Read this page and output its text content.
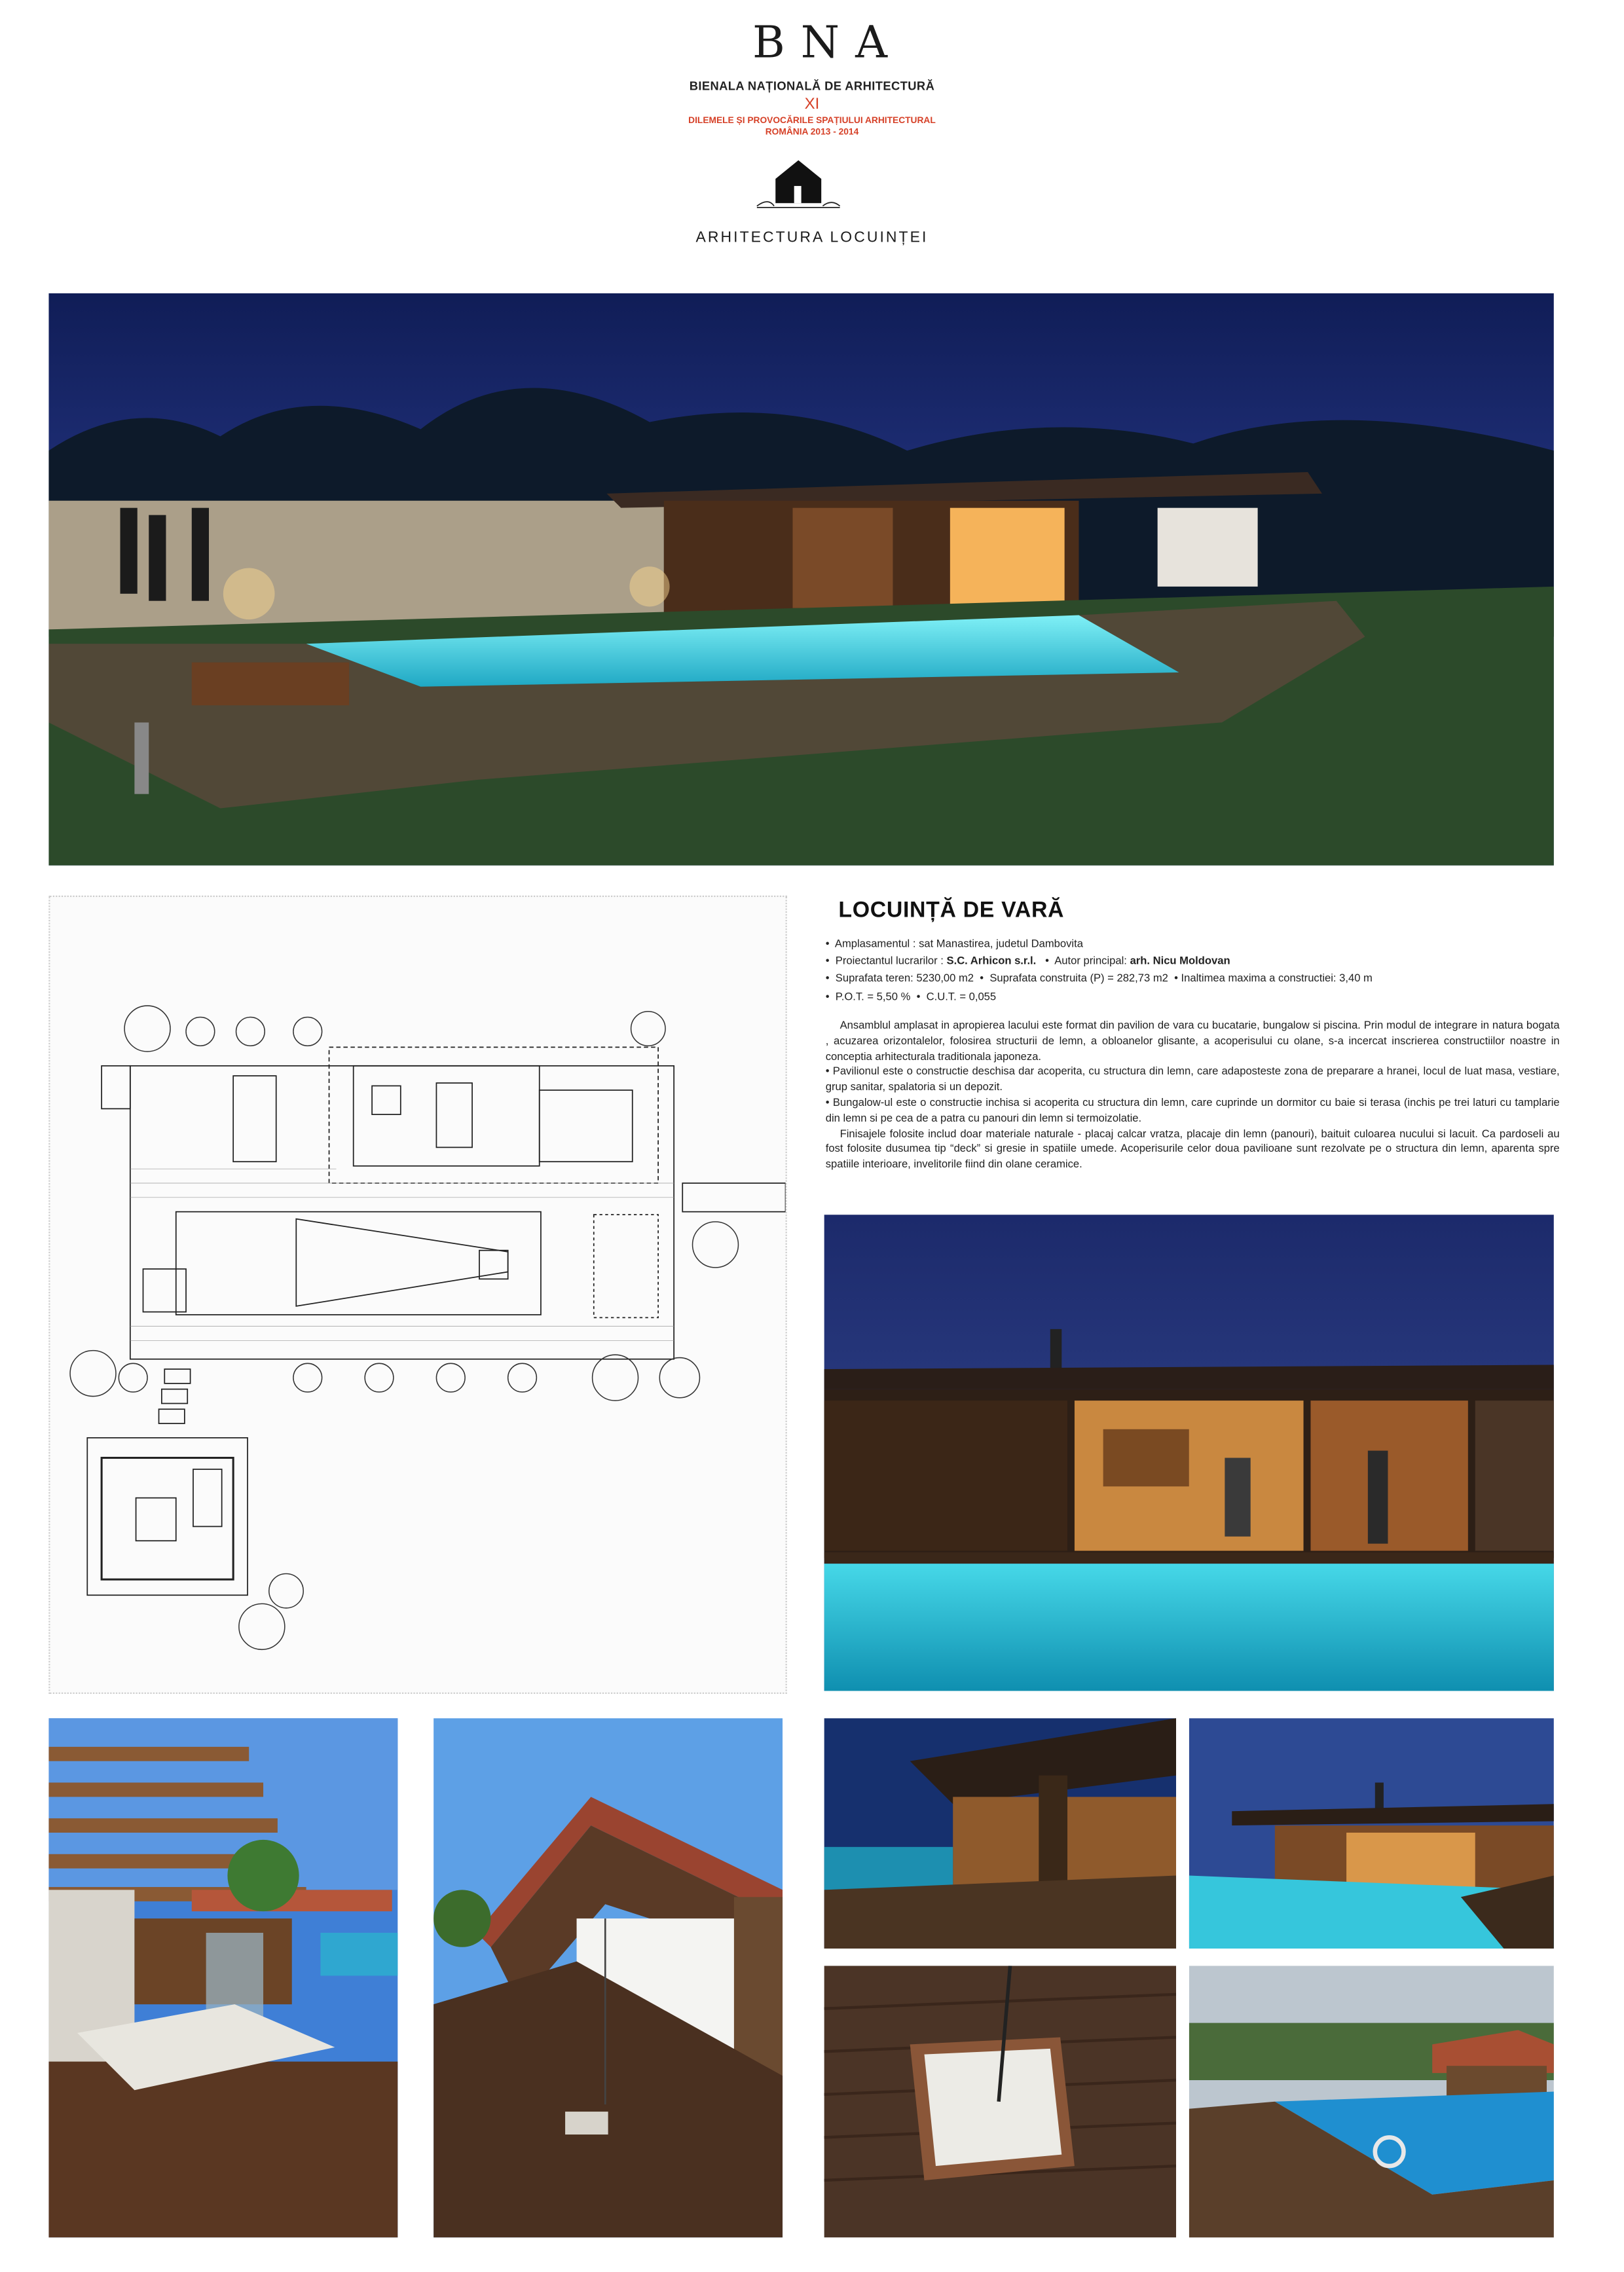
BNA
BIENALA NAȚIONALĂ DE ARHITECTURĂ
XI
DILEMELE ȘI PROVOCĂRILE SPAȚIULUI ARHITECTURAL
ROMÂNIA 2013 - 2014
ARHITECTURA LOCUINȚEI
LOCUINȚĂ DE VARĂ
•  Amplasamentul : sat Manastirea, judetul Dambovita
•  Proiectantul lucrarilor : S.C. Arhicon s.r.l.   •  Autor principal: arh. Nicu Moldovan
•  Suprafata teren: 5230,00 m2  •  Suprafata construita (P) = 282,73 m2  • Inaltimea maxima a constructiei: 3,40 m
•  P.O.T. = 5,50 %  •  C.U.T. = 0,055

Ansamblul amplasat in apropierea lacului este format din pavilion de vara cu bucatarie, bungalow si piscina. Prin modul de integrare in natura bogata , acuzarea orizontalelor, folosirea structurii de lemn, a obloanelor glisante, a acoperisului cu olane, s-a incercat inscrierea constructiilor noastre in conceptia arhitecturala traditionala japoneza.

• Pavilionul este o constructie deschisa dar acoperita, cu structura din lemn, care adaposteste zona de preparare a hranei, locul de luat masa, vestiare, grup sanitar, spalatoria si un depozit.

• Bungalow-ul este o constructie inchisa si acoperita cu structura din lemn, care cuprinde un dormitor cu baie si terasa (inchis pe trei laturi cu tamplarie din lemn si pe cea de a patra cu panouri din lemn si termoizolatie.

Finisajele folosite includ doar materiale naturale - placaj calcar vratza, placaje din lemn (panouri), baituit culoarea nucului si lacuit. Ca pardoseli au fost folosite dusumea tip “deck” si gresie in spatiile umede. Acoperisurile celor doua pavilioane sunt rezolvate pe o structura din lemn, aparenta spre spatiile interioare, invelitorile fiind din olane ceramice.
